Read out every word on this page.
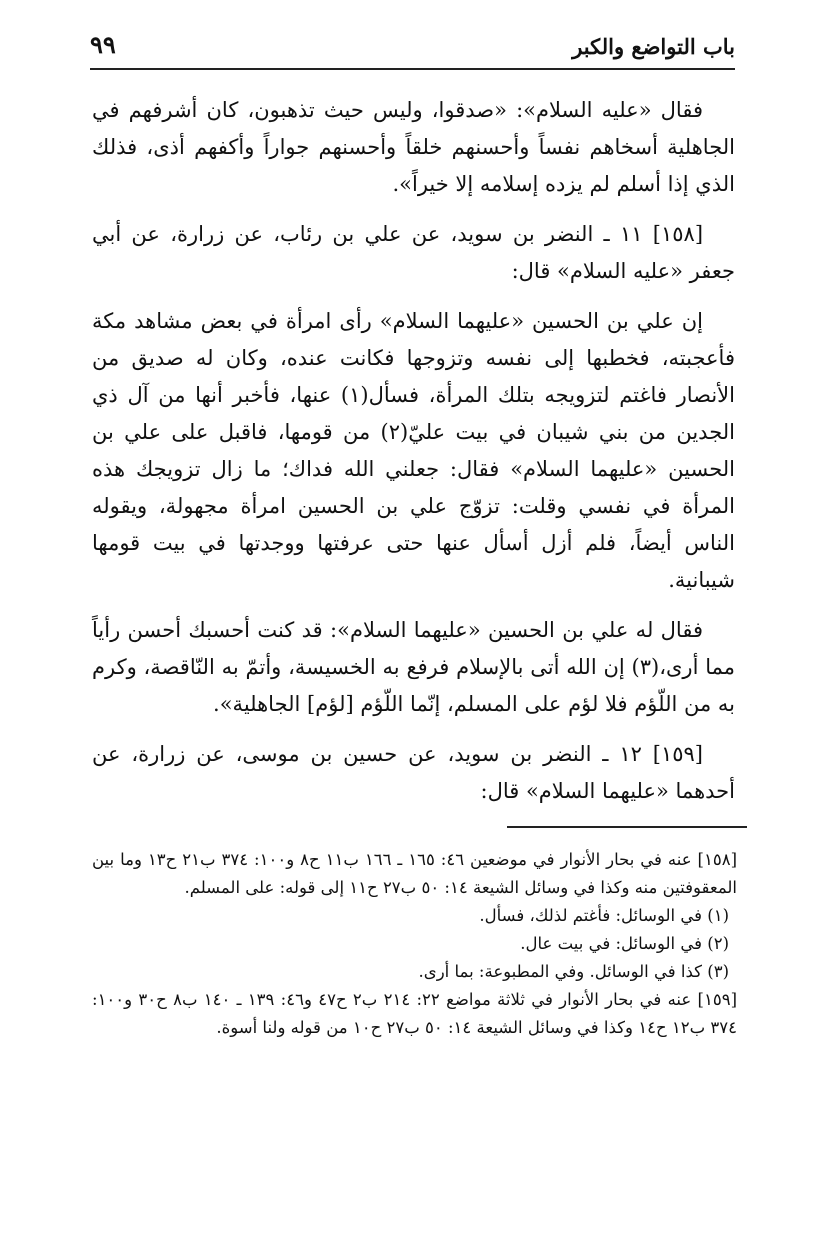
باب التواضع والكبر
٩٩

فقال «عليه السلام»: «صدقوا، وليس حيث تذهبون، كان أشرفهم في الجاهلية أسخاهم نفساً وأحسنهم خلقاً وأحسنهم جواراً وأكفهم أذى، فذلك الذي إذا أسلم لم يزده إسلامه إلا خيراً».

[١٥٨] ١١ ـ النضر بن سويد، عن علي بن رئاب، عن زرارة، عن أبي جعفر «عليه السلام» قال:

إن علي بن الحسين «عليهما السلام» رأى امرأة في بعض مشاهد مكة فأعجبته، فخطبها إلى نفسه وتزوجها فكانت عنده، وكان له صديق من الأنصار فاغتم لتزويجه بتلك المرأة، فسأل(١) عنها، فأخبر أنها من آل ذي الجدين من بني شيبان في بيت عليّ(٢) من قومها، فاقبل على علي بن الحسين «عليهما السلام» فقال: جعلني الله فداك؛ ما زال تزويجك هذه المرأة في نفسي وقلت: تزوّج علي بن الحسين امرأة مجهولة، ويقوله الناس أيضاً، فلم أزل أسأل عنها حتى عرفتها ووجدتها في بيت قومها شيبانية.

فقال له علي بن الحسين «عليهما السلام»: قد كنت أحسبك أحسن رأياً مما أرى،(٣) إن الله أتى بالإسلام فرفع به الخسيسة، وأتمّ به النّاقصة، وكرم به من اللّؤم فلا لؤم على المسلم، إنّما اللّؤم [لؤم] الجاهلية».

[١٥٩] ١٢ ـ النضر بن سويد، عن حسين بن موسى، عن زرارة، عن أحدهما «عليهما السلام» قال:

[١٥٨] عنه في بحار الأنوار في موضعين ٤٦: ١٦٥ ـ ١٦٦ ب١١ ح٨ و١٠٠: ٣٧٤ ب٢١ ح١٣ وما بين المعقوفتين منه وكذا في وسائل الشيعة ١٤: ٥٠ ب٢٧ ح١١ إلى قوله: على المسلم.

(١) في الوسائل: فأغتم لذلك، فسأل.

(٢) في الوسائل: في بيت عال.

(٣) كذا في الوسائل. وفي المطبوعة: بما أرى.

[١٥٩] عنه في بحار الأنوار في ثلاثة مواضع ٢٢: ٢١٤ ب٢ ح٤٧ و٤٦: ١٣٩ ـ ١٤٠ ب٨ ح٣٠ و١٠٠: ٣٧٤ ب١٢ ح١٤ وكذا في وسائل الشيعة ١٤: ٥٠ ب٢٧ ح١٠ من قوله ولنا أسوة.
